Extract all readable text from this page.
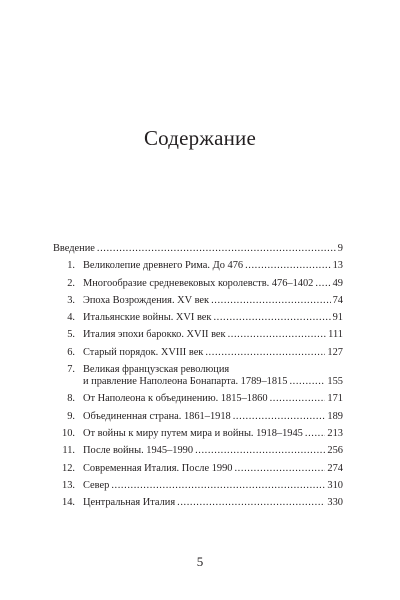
Содержание
Введение .....	9
1. Великолепие древнего Рима. До 476 .....	13
2. Многообразие средневековых королевств. 476–1402 ..... 49
3. Эпоха Возрождения. XV век .....	74
4. Итальянские войны. XVI век .....	91
5. Италия эпохи барокко. XVII век .....	111
6. Старый порядок. XVIII век .....	127
7. Великая французская революция
и правление Наполеона Бонапарта. 1789–1815 .....	155
8. От Наполеона к объединению. 1815–1860 .....	171
9. Объединенная страна. 1861–1918 .....	189
10. От войны к миру путем мира и войны. 1918–1945 ..... 213
11. После войны. 1945–1990 .....	256
12. Современная Италия. После 1990 .....	274
13. Север .....	310
14. Центральная Италия .....	330
5
